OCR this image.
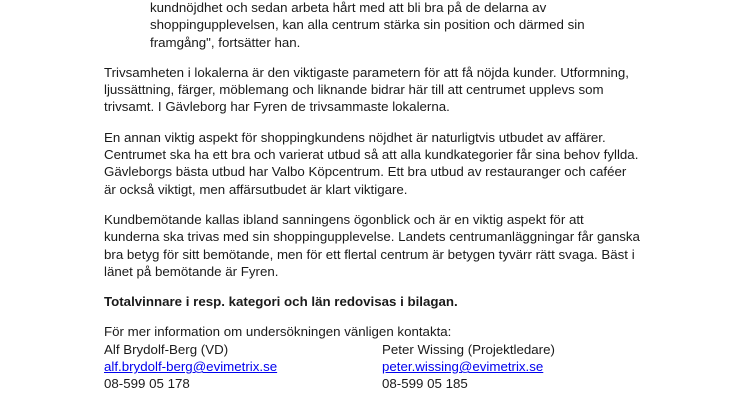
kundnöjdhet och sedan arbeta hårt med att bli bra på de delarna av
shoppingupplevelsen, kan alla centrum stärka sin position och därmed sin
framgång", fortsätter han.
Trivsamheten i lokalerna är den viktigaste parametern för att få nöjda kunder. Utformning,
ljussättning, färger, möblemang och liknande bidrar här till att centrumet upplevs som
trivsamt. I Gävleborg har Fyren de trivsammaste lokalerna.
En annan viktig aspekt för shoppingkundens nöjdhet är naturligtvis utbudet av affärer.
Centrumet ska ha ett bra och varierat utbud så att alla kundkategorier får sina behov fyllda.
Gävleborgs bästa utbud har Valbo Köpcentrum. Ett bra utbud av restauranger och caféer
är också viktigt, men affärsutbudet är klart viktigare.
Kundbemötande kallas ibland sanningens ögonblick och är en viktig aspekt för att
kunderna ska trivas med sin shoppingupplevelse. Landets centrumanläggningar får ganska
bra betyg för sitt bemötande, men för ett flertal centrum är betygen tyvärr rätt svaga. Bäst i
länet på bemötande är Fyren.
Totalvinnare i resp. kategori och län redovisas i bilagan.
För mer information om undersökningen vänligen kontakta:
Alf Brydolf-Berg (VD)
alf.brydolf-berg@evimetrix.se
08-599 05 178
Peter Wissing (Projektledare)
peter.wissing@evimetrix.se
08-599 05 185
